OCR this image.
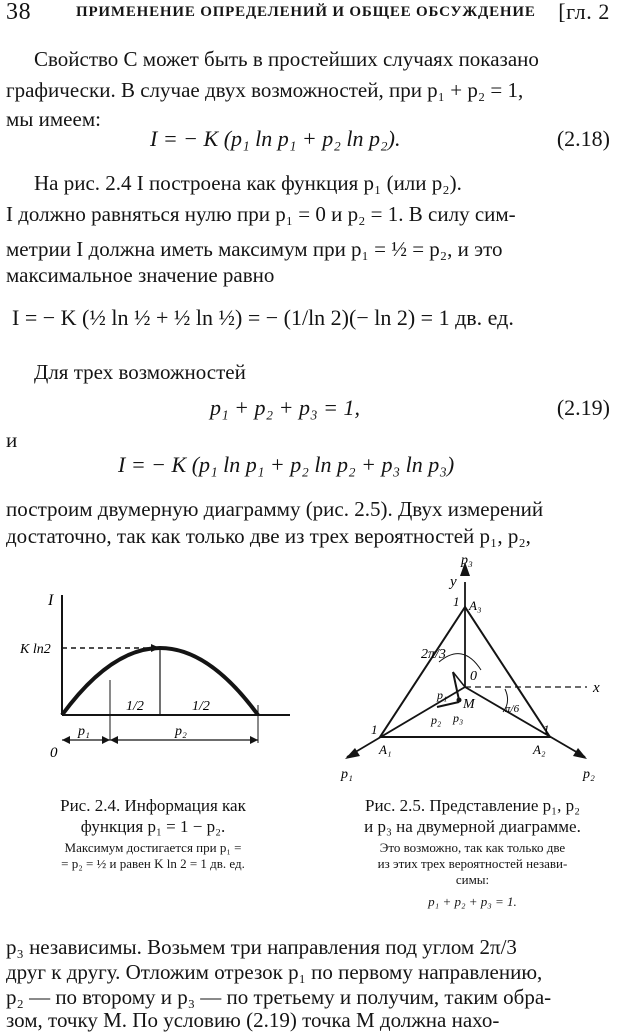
38	ПРИМЕНЕНИЕ ОПРЕДЕЛЕНИЙ И ОБЩЕЕ ОБСУЖДЕНИЕ [гл. 2
Свойство C может быть в простейших случаях показано
графически. В случае двух возможностей, при p₁ + p₂ = 1,
мы имеем:
I = − K (p₁ ln p₁ + p₂ ln p₂).	(2.18)
На рис. 2.4 I построена как функция p₁ (или p₂).
I должно равняться нулю при p₁ = 0 и p₂ = 1. В силу сим-
метрии I должна иметь максимум при p₁ = ½ = p₂, и это
максимальное значение равно
I = − K (½ ln ½ + ½ ln ½) = − (1/ln 2)(− ln 2) = 1 дв. ед.
Для трех возможностей
p₁ + p₂ + p₃ = 1,	(2.19)
и
I = − K (p₁ ln p₁ + p₂ ln p₂ + p₃ ln p₃)
построим двумерную диаграмму (рис. 2.5). Двух измерений
достаточно, так как только две из трех вероятностей p₁, p₂,
I
K ln2
0
1/2	1/2
p₁	p₂
Рис. 2.4. Информация как
функция p₁ = 1 − p₂.
Максимум достигается при p₁ =
= p₂ = ½ и равен K ln 2 = 1 дв. ед.
p₃
y
1 A₃
2π/3
0
p₁
M
p₂ p₃
π/6
1	1
A₁	A₂
x
p₁	p₂
Рис. 2.5. Представление p₁, p₂
и p₃ на двумерной диаграмме.
Это возможно, так как только две
из этих трех вероятностей незави-
симы:
p₁ + p₂ + p₃ = 1.
p₃ независимы. Возьмем три направления под углом 2π/3
друг к другу. Отложим отрезок p₁ по первому направлению,
p₂ — по второму и p₃ — по третьему и получим, таким обра-
зом, точку M. По условию (2.19) точка M должна нахо-
